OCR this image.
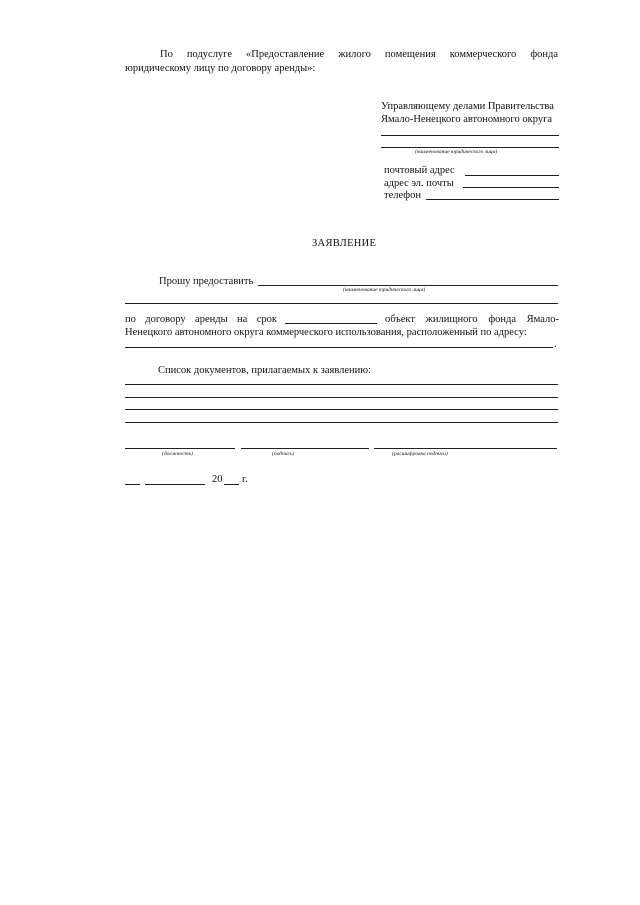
По подуслуге «Предоставление жилого помещения коммерческого фонда
юридическому лицу по договору аренды»:
Управляющему делами Правительства
Ямало-Ненецкого автономного округа
(наименование юридического лица)
почтовый адрес
адрес эл. почты
телефон
ЗАЯВЛЕНИЕ
Прошу предоставить
(наименование юридического лица)
по договору аренды на срок	объект жилищного фонда Ямало-
Ненецкого автономного округа коммерческого использования, расположенный по адресу:
.
Список документов, прилагаемых к заявлению:
(должность)	(подпись)	(расшифровка подписи)
20 г.
